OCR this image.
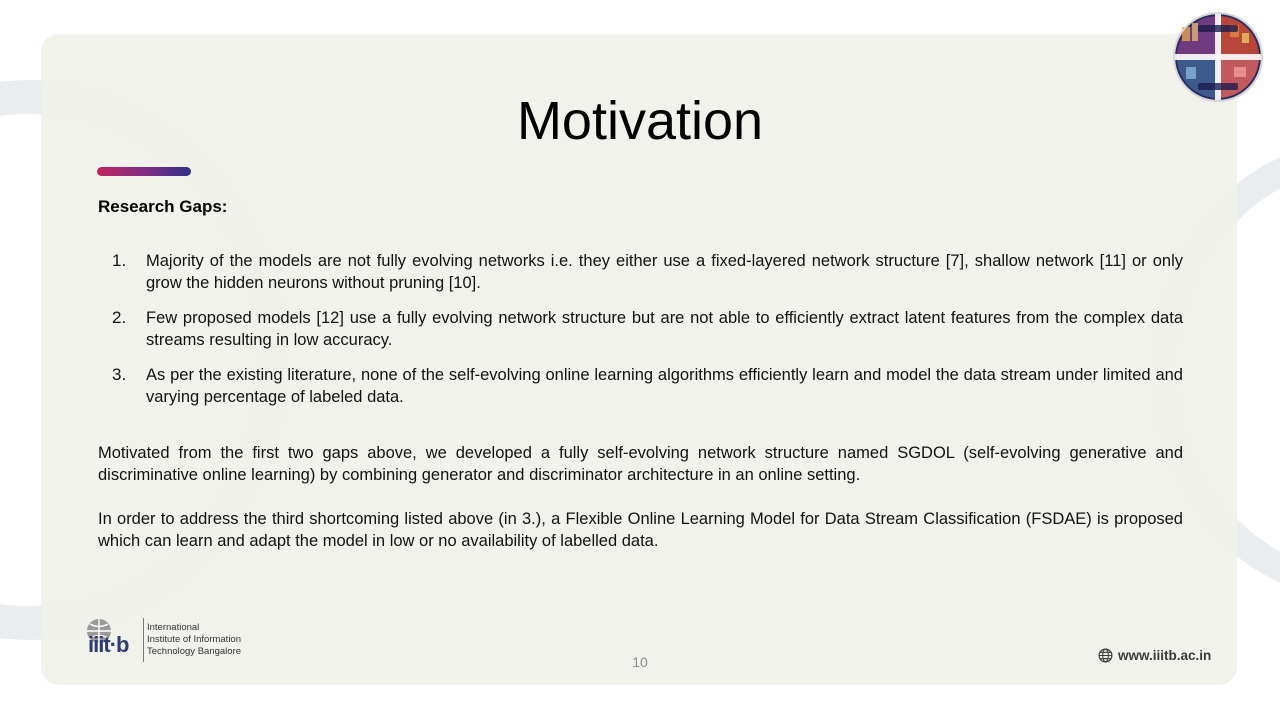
Motivation
Research Gaps:
1. Majority of the models are not fully evolving networks i.e. they either use a fixed-layered network structure [7], shallow network [11] or only grow the hidden neurons without pruning [10].
2. Few proposed models [12] use a fully evolving network structure but are not able to efficiently extract latent features from the complex data streams resulting in low accuracy.
3. As per the existing literature, none of the self-evolving online learning algorithms efficiently learn and model the data stream under limited and varying percentage of labeled data.

Motivated from the first two gaps above, we developed a fully self-evolving network structure named SGDOL (self-evolving generative and discriminative online learning) by combining generator and discriminator architecture in an online setting.

In order to address the third shortcoming listed above (in 3.), a Flexible Online Learning Model for Data Stream Classification (FSDAE) is proposed which can learn and adapt the model in low or no availability of labelled data.

iiit·b
International
Institute of Information
Technology Bangalore
10	www.iiitb.ac.in
